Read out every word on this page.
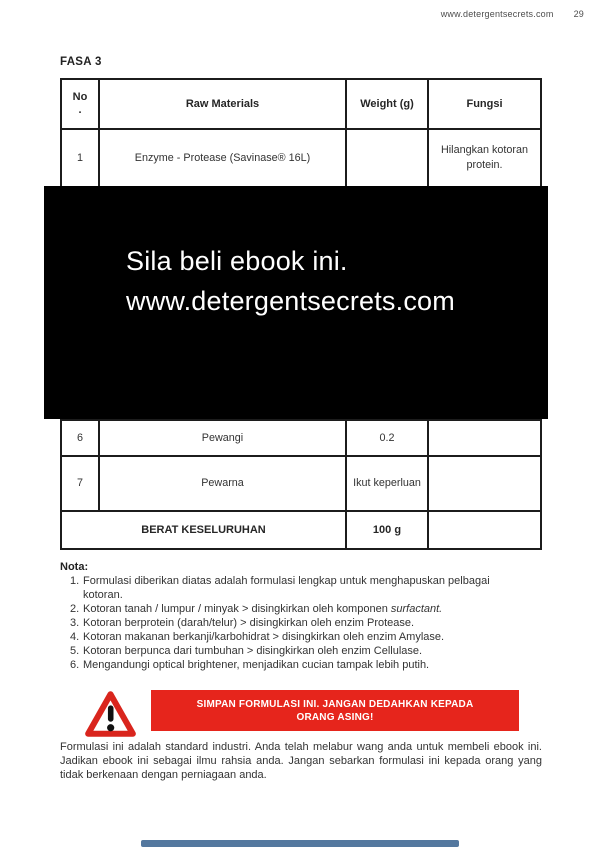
www.detergentsecrets.com 29
FASA 3
No
.	Raw Materials	Weight (g)	Fungsi
1	Enzyme - Protease (Savinase® 16L)		Hilangkan kotoran protein.

6	Pewangi	0.2	
7	Pewarna	Ikut keperluan	
BERAT KESELURUHAN		100 g	
Sila beli ebook ini.
www.detergentsecrets.com
Nota:
1. Formulasi diberikan diatas adalah formulasi lengkap untuk menghapuskan pelbagai kotoran.
2. Kotoran tanah / lumpur / minyak > disingkirkan oleh komponen surfactant.
3. Kotoran berprotein (darah/telur) > disingkirkan oleh enzim Protease.
4. Kotoran makanan berkanji/karbohidrat > disingkirkan oleh enzim Amylase.
5. Kotoran berpunca dari tumbuhan > disingkirkan oleh enzim Cellulase.
6. Mengandungi optical brightener, menjadikan cucian tampak lebih putih.
SIMPAN FORMULASI INI. JANGAN DEDAHKAN KEPADA
ORANG ASING!
Formulasi ini adalah standard industri. Anda telah melabur wang anda untuk membeli ebook ini. Jadikan ebook ini sebagai ilmu rahsia anda. Jangan sebarkan formulasi ini kepada orang yang tidak berkenaan dengan perniagaan anda.
